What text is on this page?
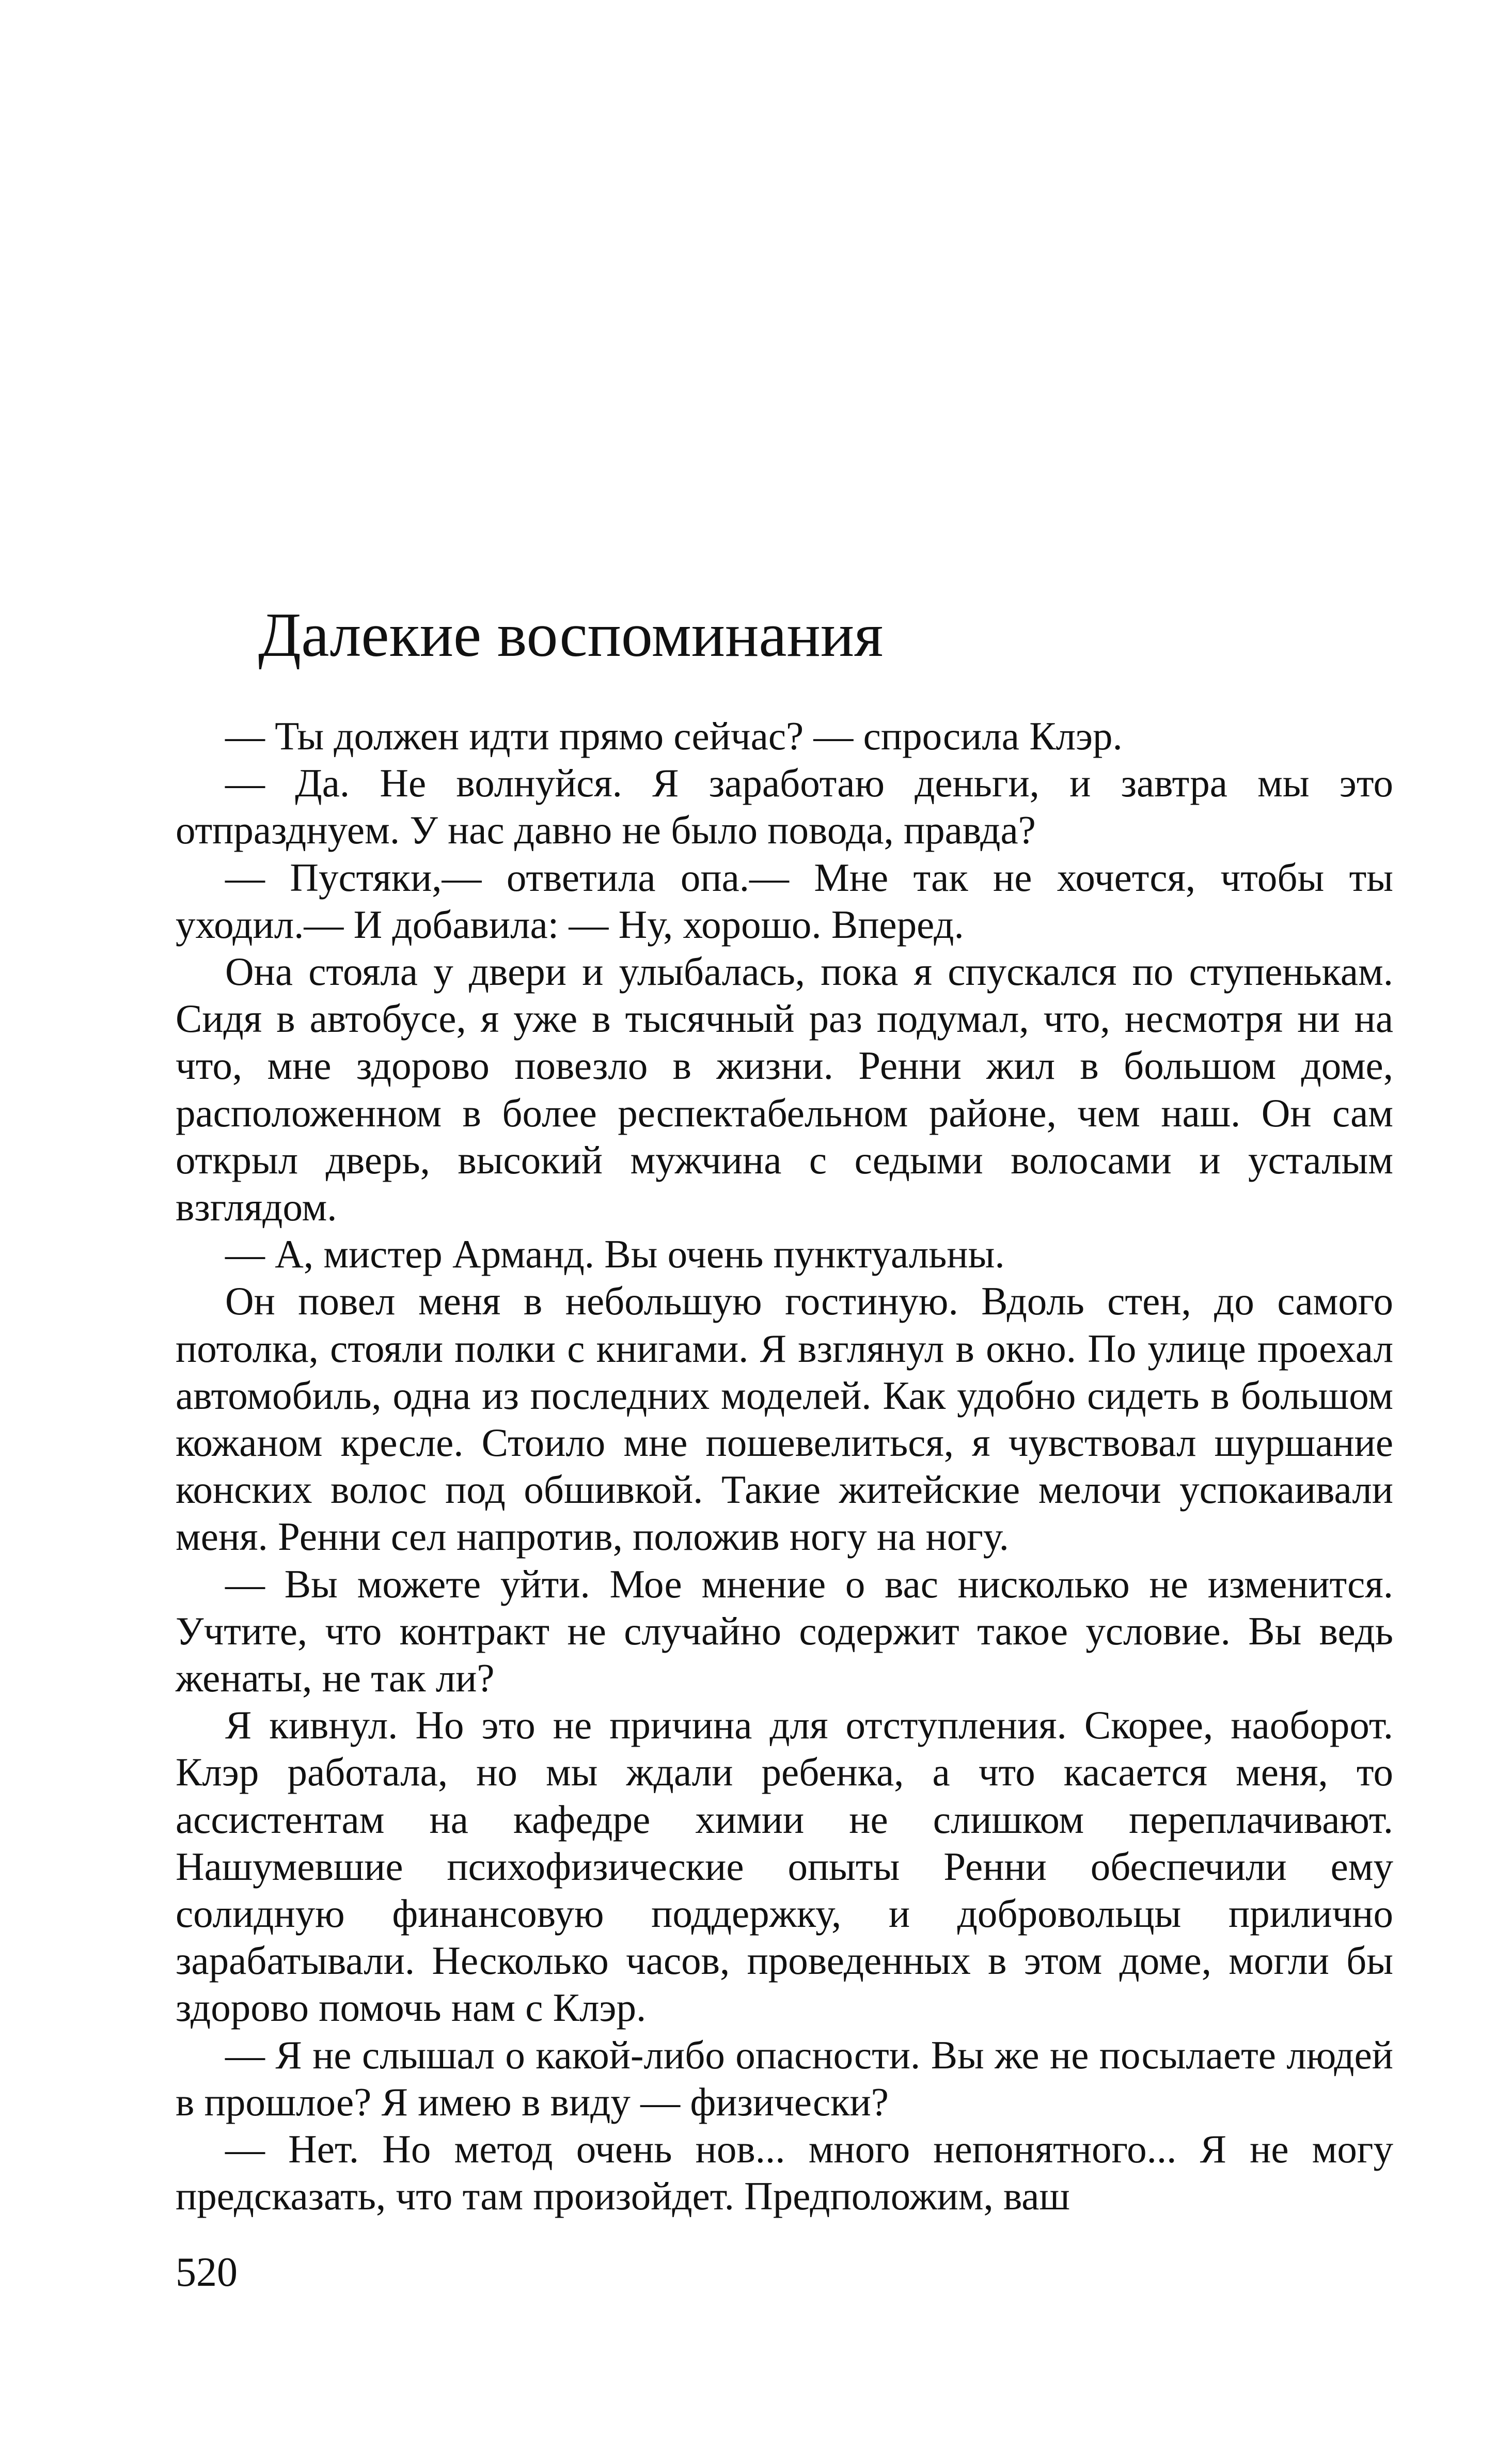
Далекие воспоминания

— Ты должен идти прямо сейчас? — спросила Клэр.

— Да. Не волнуйся. Я заработаю деньги, и завтра мы это отпразднуем. У нас давно не было повода, правда?

— Пустяки,— ответила опа.— Мне так не хочется, чтобы ты уходил.— И добавила: — Ну, хорошо. Вперед.

Она стояла у двери и улыбалась, пока я спускался по ступенькам. Сидя в автобусе, я уже в тысячный раз подумал, что, несмотря ни на что, мне здорово повезло в жизни. Ренни жил в большом доме, расположенном в более респектабельном районе, чем наш. Он сам открыл дверь, высокий мужчина с седыми волосами и усталым взглядом.

— А, мистер Арманд. Вы очень пунктуальны.

Он повел меня в небольшую гостиную. Вдоль стен, до самого потолка, стояли полки с книгами. Я взглянул в окно. По улице проехал автомобиль, одна из последних моделей. Как удобно сидеть в большом кожаном кресле. Стоило мне пошевелиться, я чувствовал шуршание конских волос под обшивкой. Такие житейские мелочи успокаивали меня. Ренни сел напротив, положив ногу на ногу.

— Вы можете уйти. Мое мнение о вас нисколько не изменится. Учтите, что контракт не случайно содержит такое условие. Вы ведь женаты, не так ли?

Я кивнул. Но это не причина для отступления. Скорее, наоборот. Клэр работала, но мы ждали ребенка, а что касается меня, то ассистентам на кафедре химии не слишком переплачивают. Нашумевшие психофизические опыты Ренни обеспечили ему солидную финансовую поддержку, и добровольцы прилично зарабатывали. Несколько часов, проведенных в этом доме, могли бы здорово помочь нам с Клэр.

— Я не слышал о какой-либо опасности. Вы же не посылаете людей в прошлое? Я имею в виду — физически?

— Нет. Но метод очень нов... много непонятного... Я не могу предсказать, что там произойдет. Предположим, ваш

520
